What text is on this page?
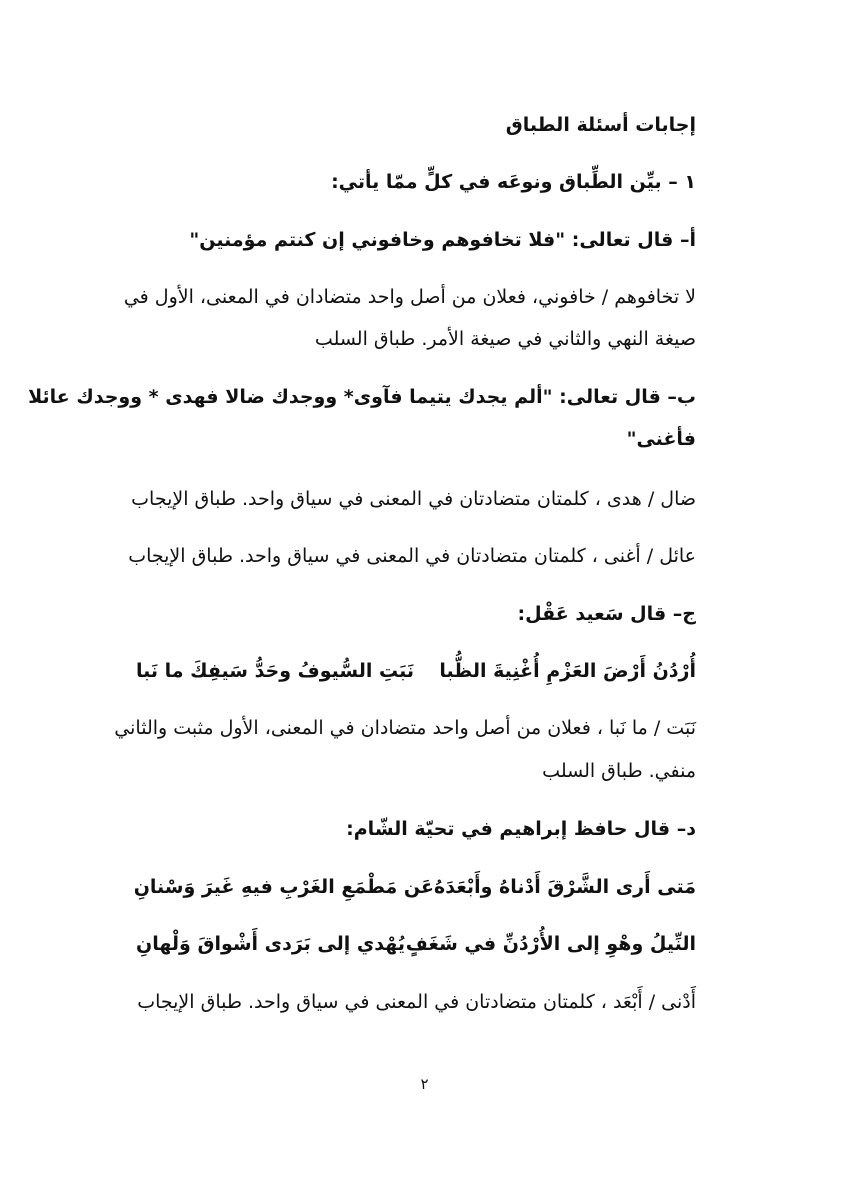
إجابات أسئلة الطباق
١ – بيِّن الطِّباق ونوعَه في كلٍّ ممّا يأتي:
أ– قال تعالى: "فلا تخافوهم وخافوني إن كنتم مؤمنين"
لا تخافوهم / خافوني، فعلان من أصل واحد متضادان في المعنى، الأول في
صيغة النهي والثاني في صيغة الأمر. طباق السلب
ب– قال تعالى: "ألم يجدك يتيما فآوى* ووجدك ضالا فهدى * ووجدك عائلا
فأغنى"
ضال / هدى ، كلمتان متضادتان في المعنى في سياق واحد. طباق الإيجاب
عائل / أغنى ، كلمتان متضادتان في المعنى في سياق واحد. طباق الإيجاب
ج– قال سَعيد عَقْل:
أُرْدُنُ أَرْضَ العَزْمِ أُغْنِيةَ الظُّبا
نَبَتِ السُّيوفُ وحَدُّ سَيفِكَ ما نَبا
نَبَت / ما نَبا ، فعلان من أصل واحد متضادان في المعنى، الأول مثبت والثاني
منفي. طباق السلب
د– قال حافظ إبراهيم في تحيّة الشّام:
مَتى أَرى الشَّرْقَ أَدْناهُ وأَبْعَدَهُ
عَن مَطْمَعِ الغَرْبِ فيهِ غَيرَ وَسْنانِ
النِّيلُ وهْوِ إلى الأُرْدُنِّ في شَغَفٍ
يُهْدي إلى بَرَدى أَشْواقَ وَلْهانِ
أَدْنى / أَبْعَد ، كلمتان متضادتان في المعنى في سياق واحد. طباق الإيجاب
٢
